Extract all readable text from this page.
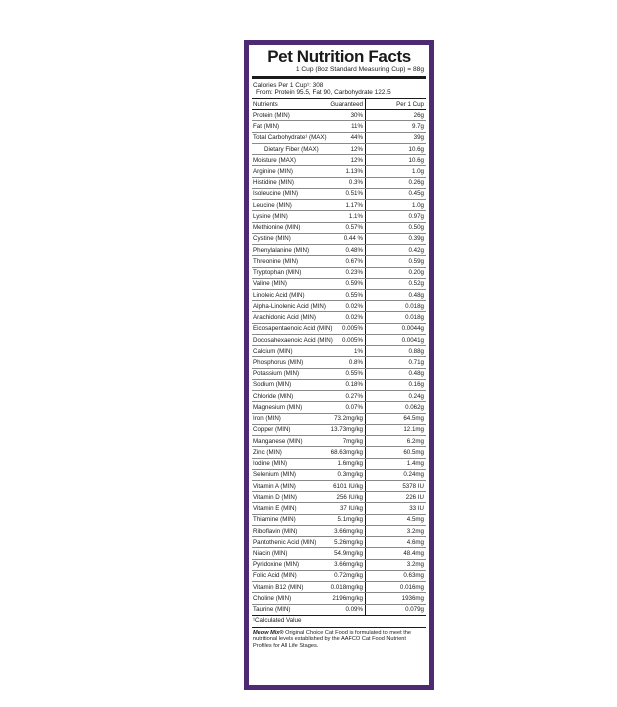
Pet Nutrition Facts
1 Cup (8oz Standard Measuring Cup) = 88g
Calories Per 1 Cup¹: 308
From: Protein 95.5, Fat 90, Carbohydrate 122.5
Nutrients	Guaranteed	Per 1 Cup
Protein (MIN)	30%	26g
Fat (MIN)	11%	9.7g
Total Carbohydrate¹ (MAX)	44%	39g
Dietary Fiber (MAX)	12%	10.6g
Moisture (MAX)	12%	10.6g
Arginine (MIN)	1.13%	1.0g
Histidine (MIN)	0.3%	0.26g
Isoleucine (MIN)	0.51%	0.45g
Leucine (MIN)	1.17%	1.0g
Lysine (MIN)	1.1%	0.97g
Methionine (MIN)	0.57%	0.50g
Cystine (MIN)	0.44 %	0.39g
Phenylalanine (MIN)	0.48%	0.42g
Threonine (MIN)	0.67%	0.59g
Tryptophan (MIN)	0.23%	0.20g
Valine (MIN)	0.59%	0.52g
Linoleic Acid (MIN)	0.55%	0.48g
Alpha-Linolenic Acid (MIN)	0.02%	0.018g
Arachidonic Acid (MIN)	0.02%	0.018g
Eicosapentaenoic Acid (MIN)	0.005%	0.0044g
Docosahexaenoic Acid (MIN)	0.005%	0.0041g
Calcium (MIN)	1%	0.88g
Phosphorus (MIN)	0.8%	0.71g
Potassium (MIN)	0.55%	0.48g
Sodium (MIN)	0.18%	0.16g
Chloride (MIN)	0.27%	0.24g
Magnesium (MIN)	0.07%	0.062g
Iron (MIN)	73.2mg/kg	64.5mg
Copper (MIN)	13.73mg/kg	12.1mg
Manganese (MIN)	7mg/kg	6.2mg
Zinc (MIN)	68.63mg/kg	60.5mg
Iodine (MIN)	1.6mg/kg	1.4mg
Selenium (MIN)	0.3mg/kg	0.24mg
Vitamin A (MIN)	6101 IU/kg	5378 IU
Vitamin D (MIN)	256 IU/kg	226 IU
Vitamin E (MIN)	37 IU/kg	33 IU
Thiamine (MIN)	5.1mg/kg	4.5mg
Riboflavin (MIN)	3.66mg/kg	3.2mg
Pantothenic Acid (MIN)	5.26mg/kg	4.6mg
Niacin (MIN)	54.9mg/kg	48.4mg
Pyridoxine (MIN)	3.66mg/kg	3.2mg
Folic Acid (MIN)	0.72mg/kg	0.63mg
Vitamin B12 (MIN)	0.018mg/kg	0.016mg
Choline (MIN)	2196mg/kg	1936mg
Taurine (MIN)	0.09%	0.079g
¹Calculated Value
Meow Mix® Original Choice Cat Food is formulated to meet the nutritional levels established by the AAFCO Cat Food Nutrient Profiles for All Life Stages.
